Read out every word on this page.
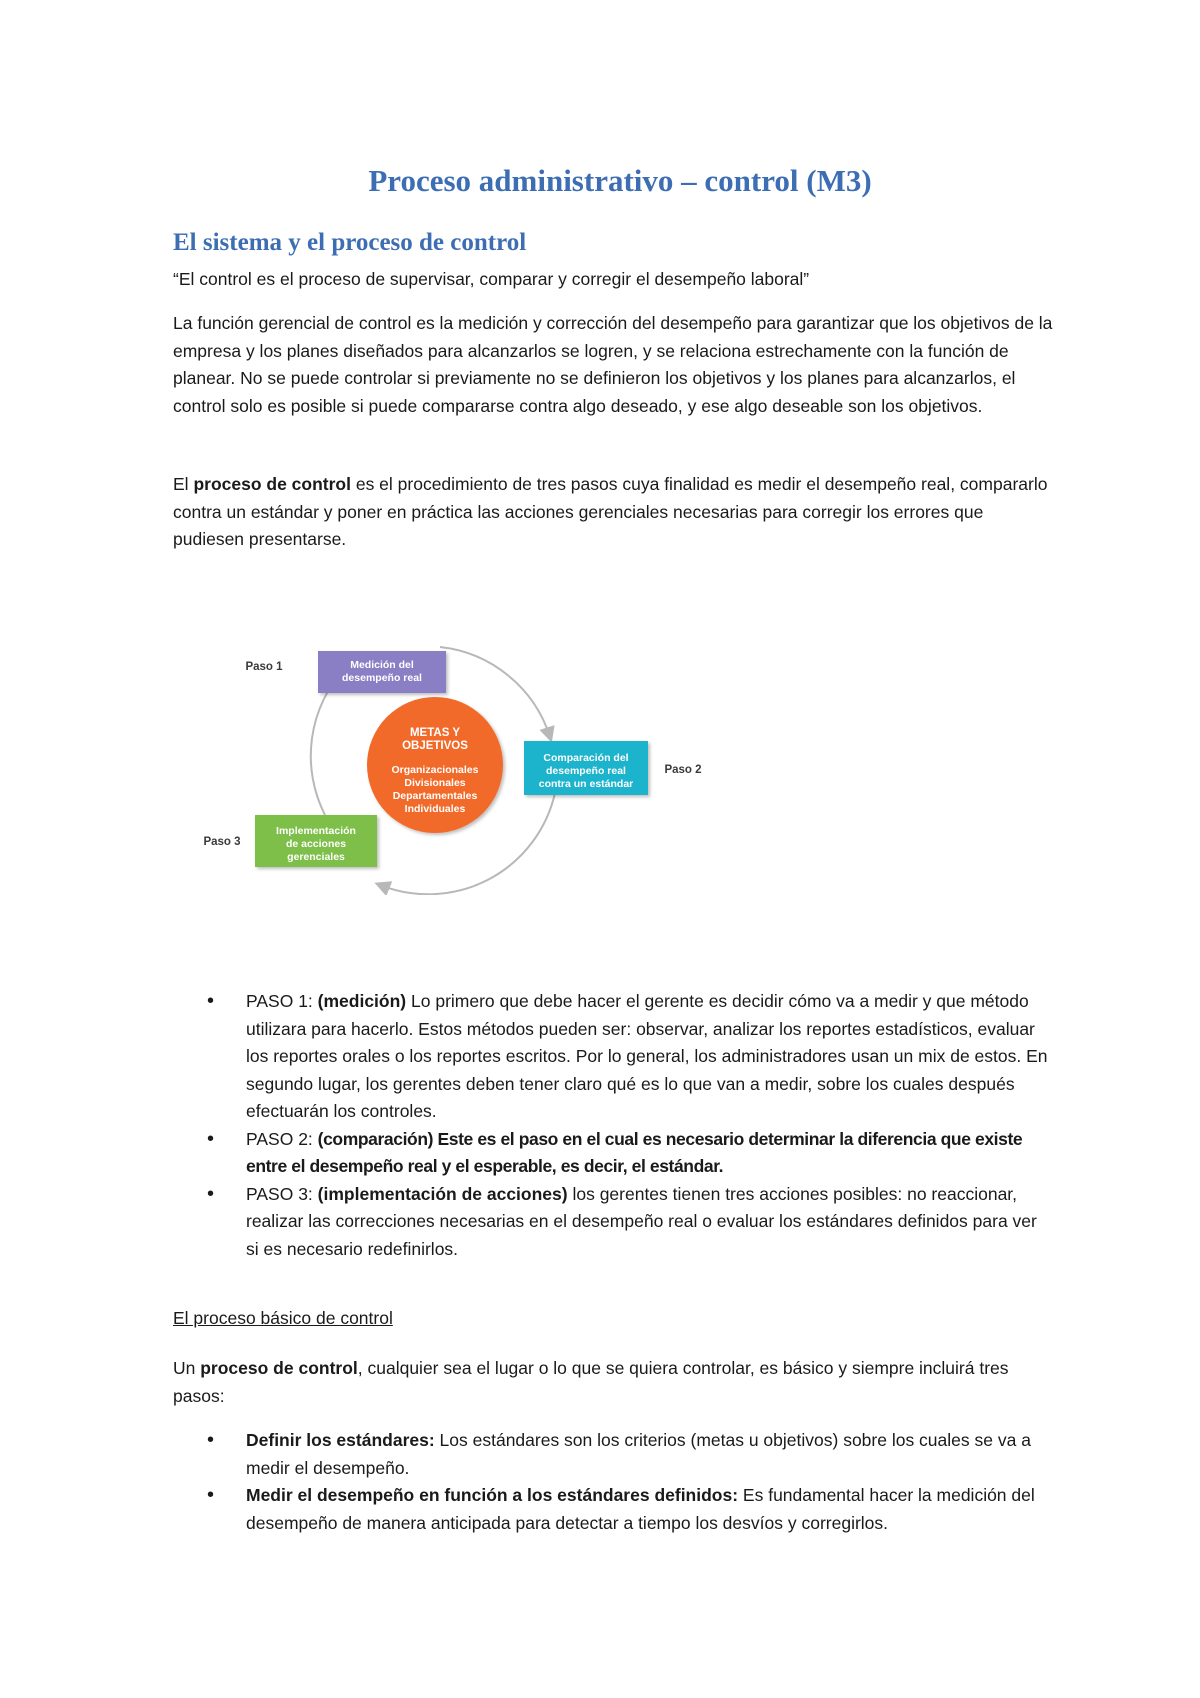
Proceso administrativo – control (M3)
El sistema y el proceso de control

“El control es el proceso de supervisar, comparar y corregir el desempeño laboral”

La función gerencial de control es la medición y corrección del desempeño para garantizar que los objetivos de la empresa y los planes diseñados para alcanzarlos se logren, y se relaciona estrechamente con la función de planear. No se puede controlar si previamente no se definieron los objetivos y los planes para alcanzarlos, el control solo es posible si puede compararse contra algo deseado, y ese algo deseable son los objetivos.

El proceso de control es el procedimiento de tres pasos cuya finalidad es medir el desempeño real, compararlo contra un estándar y poner en práctica las acciones gerenciales necesarias para corregir los errores que pudiesen presentarse.

METAS Y
OBJETIVOS
Organizacionales
Divisionales
Departamentales
Individuales
Paso 1	Medición del
desempeño real
Comparación del
desempeño real
contra un estándar
Paso 2
Paso 3
Implementación
de acciones
gerenciales
• PASO 1: (medición) Lo primero que debe hacer el gerente es decidir cómo va a medir y que método utilizara para hacerlo. Estos métodos pueden ser: observar, analizar los reportes estadísticos, evaluar los reportes orales o los reportes escritos. Por lo general, los administradores usan un mix de estos. En segundo lugar, los gerentes deben tener claro qué es lo que van a medir, sobre los cuales después efectuarán los controles.
• PASO 2: (comparación) Este es el paso en el cual es necesario determinar la diferencia que existe entre el desempeño real y el esperable, es decir, el estándar.
• PASO 3: (implementación de acciones) los gerentes tienen tres acciones posibles: no reaccionar, realizar las correcciones necesarias en el desempeño real o evaluar los estándares definidos para ver si es necesario redefinirlos.

El proceso básico de control

Un proceso de control, cualquier sea el lugar o lo que se quiera controlar, es básico y siempre incluirá tres pasos:

• Definir los estándares: Los estándares son los criterios (metas u objetivos) sobre los cuales se va a medir el desempeño.
• Medir el desempeño en función a los estándares definidos: Es fundamental hacer la medición del desempeño de manera anticipada para detectar a tiempo los desvíos y corregirlos.
